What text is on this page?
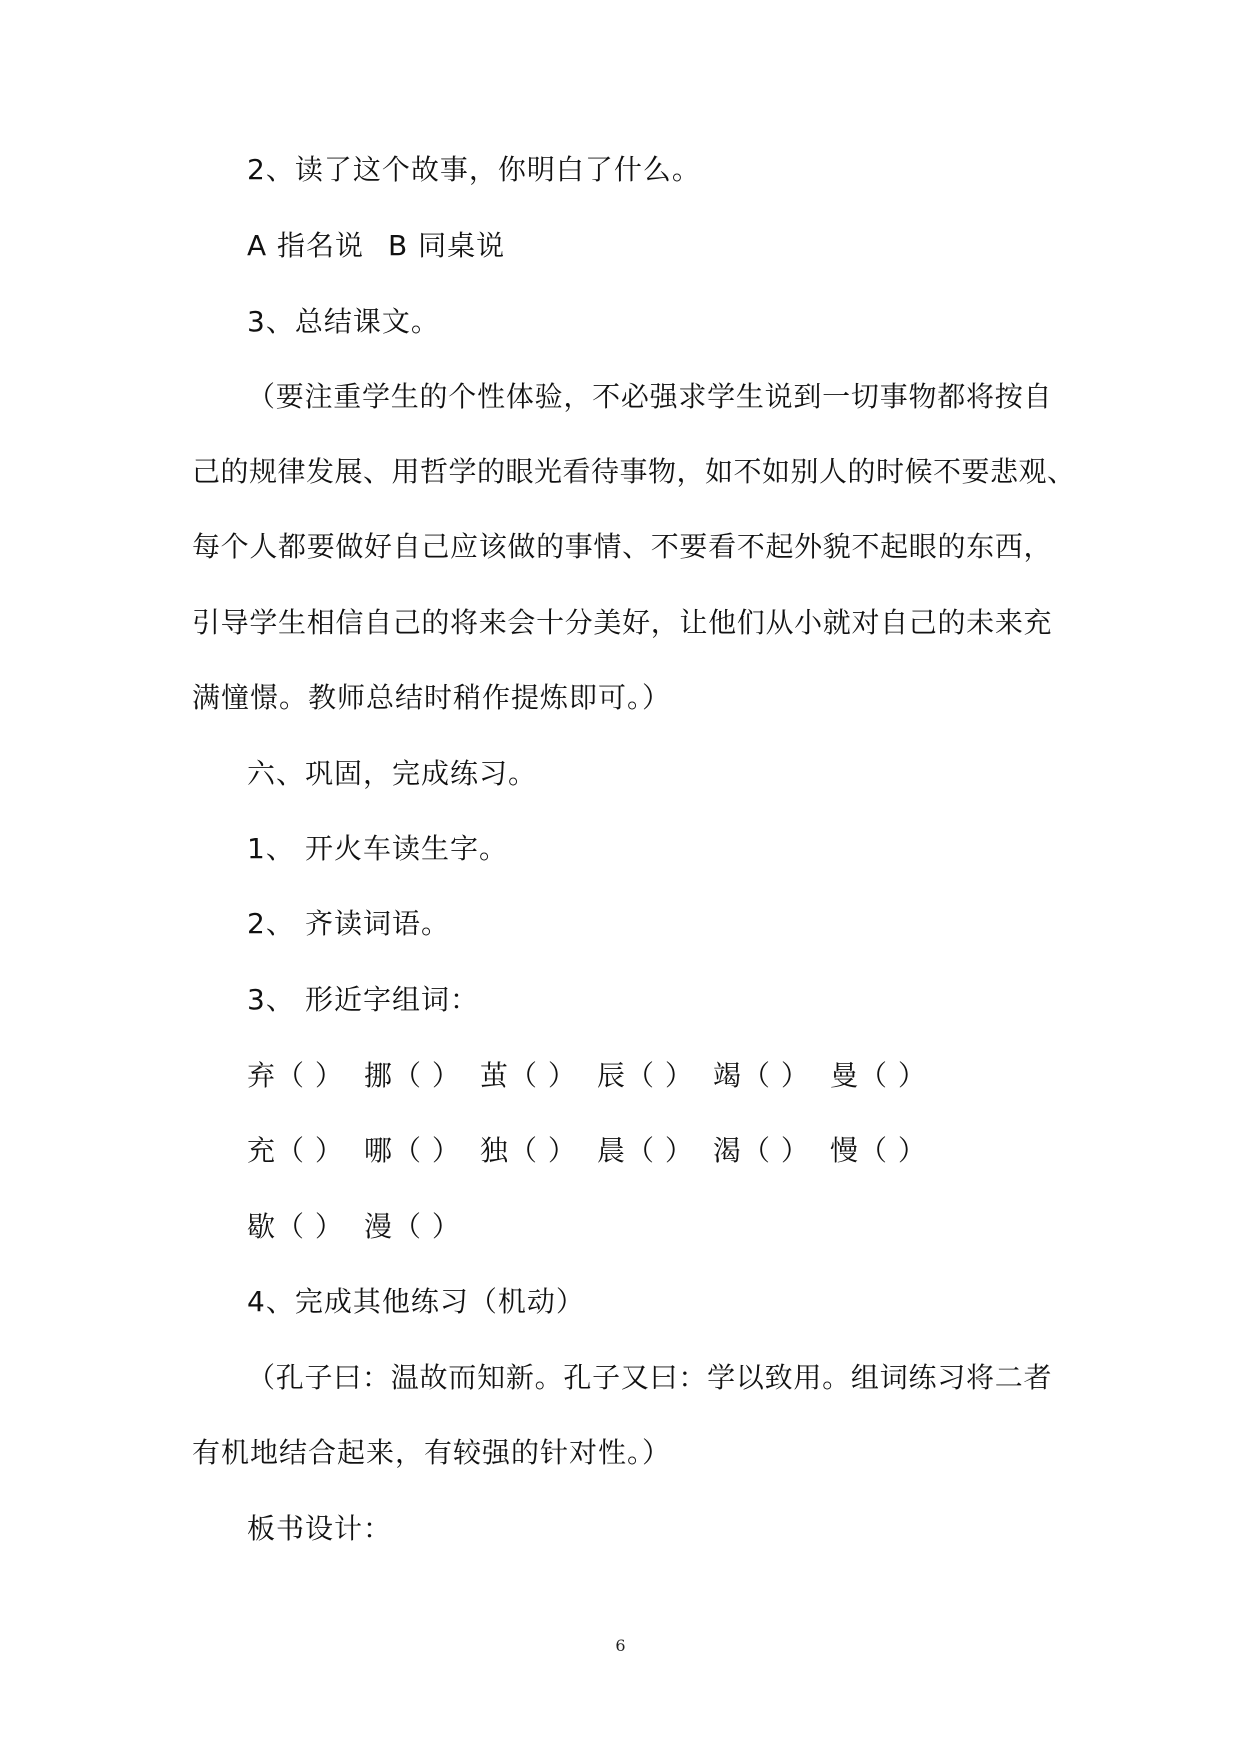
2、读了这个故事，你明白了什么。
A 指名说 B 同桌说
3、总结课文。
（要注重学生的个性体验，不必强求学生说到一切事物都将按自
己的规律发展、用哲学的眼光看待事物，如不如别人的时候不要悲观、
每个人都要做好自己应该做的事情、不要看不起外貌不起眼的东西，
引导学生相信自己的将来会十分美好，让他们从小就对自己的未来充
满憧憬。教师总结时稍作提炼即可。）
六、巩固，完成练习。
1、 开火车读生字。
2、 齐读词语。
3、 形近字组词：
弃（ ） 挪（ ） 茧（ ） 辰（ ） 竭（ ） 曼（ ）
充（ ） 哪（ ） 独（ ） 晨（ ） 渴（ ） 慢（ ）
歇（ ） 漫（ ）
4、完成其他练习（机动）
（孔子曰：温故而知新。孔子又曰：学以致用。组词练习将二者
有机地结合起来，有较强的针对性。）
板书设计：
6
